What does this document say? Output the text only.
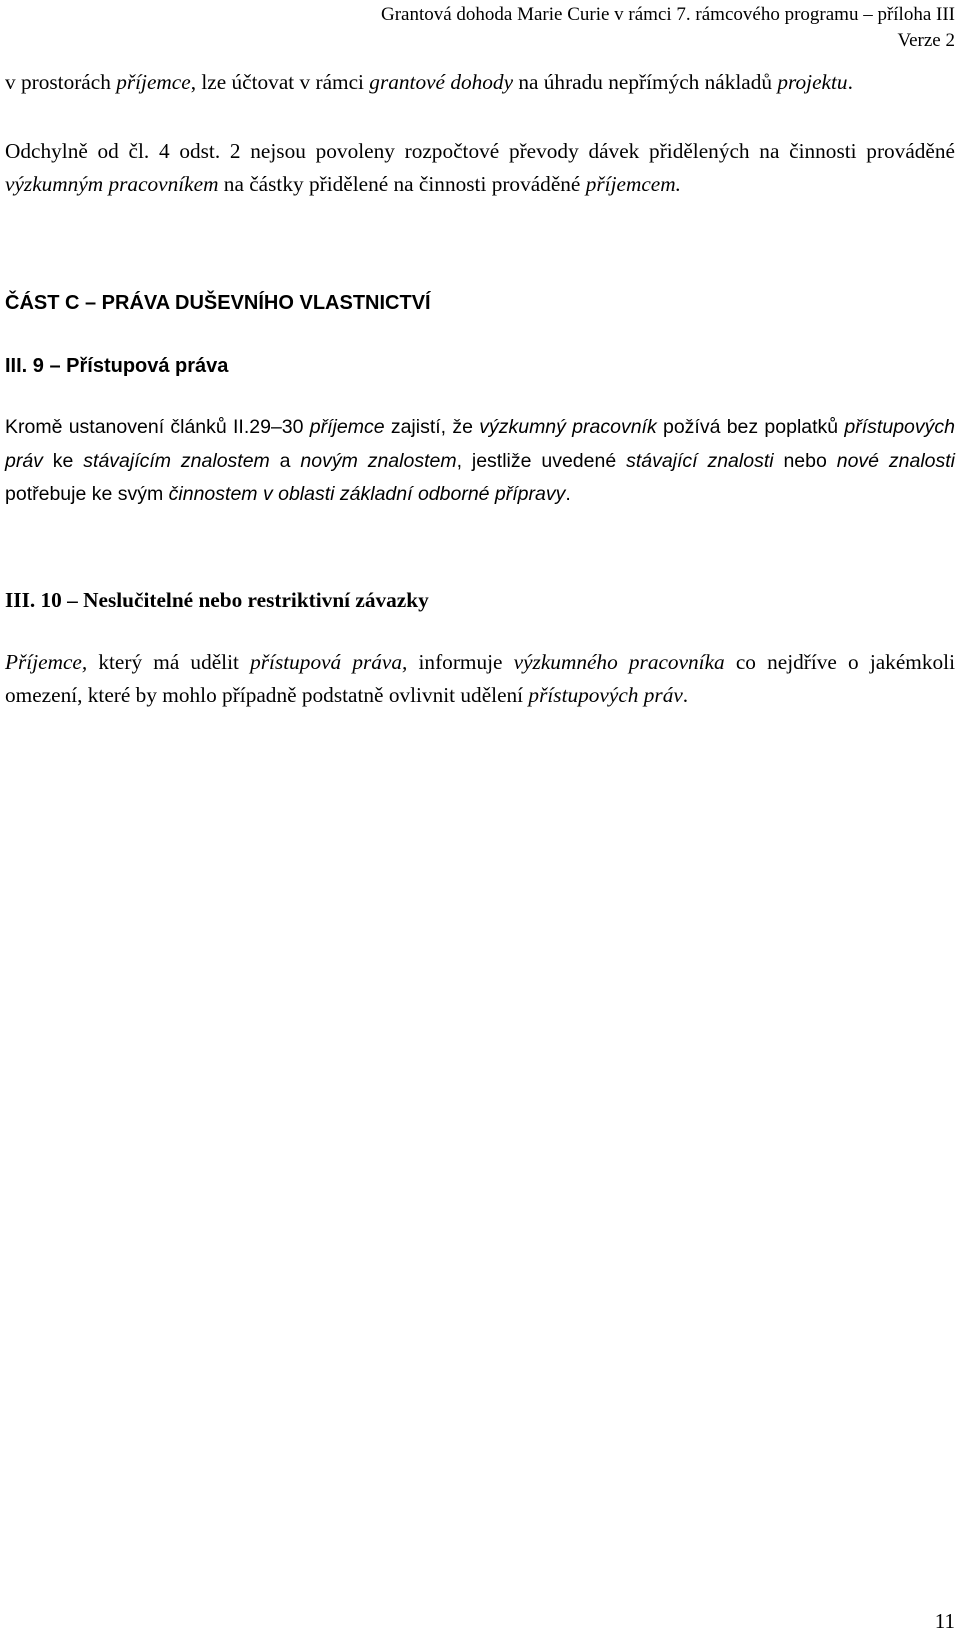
Grantová dohoda Marie Curie v rámci 7. rámcového programu – příloha III
Verze 2

v prostorách příjemce, lze účtovat v rámci grantové dohody na úhradu nepřímých nákladů projektu.

Odchylně od čl. 4 odst. 2 nejsou povoleny rozpočtové převody dávek přidělených na činnosti prováděné výzkumným pracovníkem na částky přidělené na činnosti prováděné příjemcem.

ČÁST C – PRÁVA DUŠEVNÍHO VLASTNICTVÍ
III. 9 – Přístupová práva

Kromě ustanovení článků II.29–30 příjemce zajistí, že výzkumný pracovník požívá bez poplatků přístupových práv ke stávajícím znalostem a novým znalostem, jestliže uvedené stávající znalosti nebo nové znalosti potřebuje ke svým činnostem v oblasti základní odborné přípravy.

III. 10 – Neslučitelné nebo restriktivní závazky

Příjemce, který má udělit přístupová práva, informuje výzkumného pracovníka co nejdříve o jakémkoli omezení, které by mohlo případně podstatně ovlivnit udělení přístupových práv.

11
